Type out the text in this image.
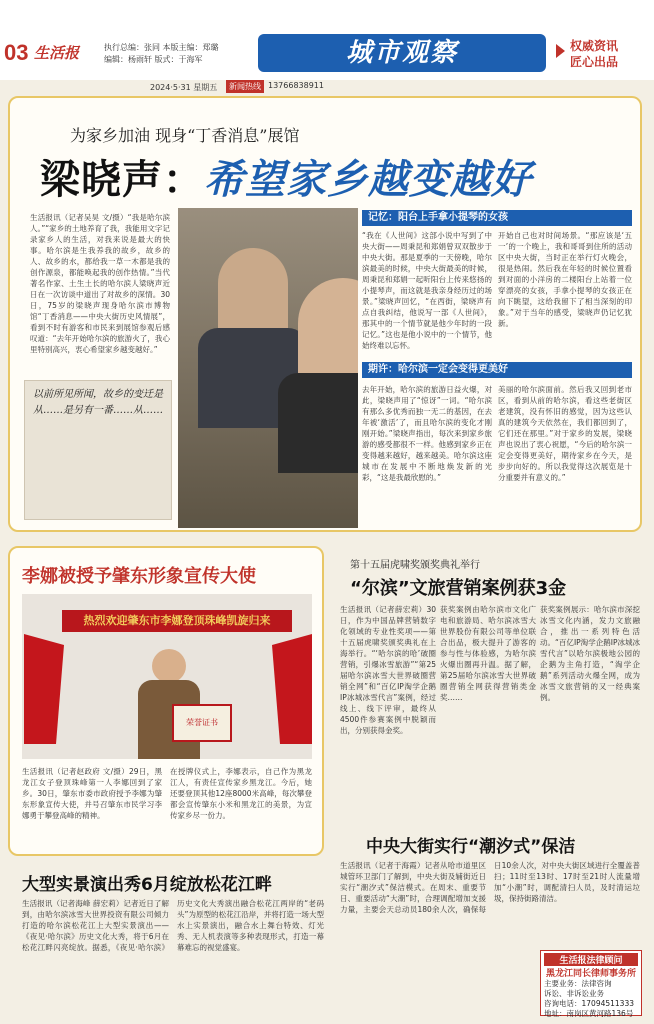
03 生活报	执行总编：张同 本版主编：郑璐
编辑：杨雨轩 版式：于海军	城市观察	权威资讯
匠心出品
2024·5·31 星期五	新闻热线 13766838911
为家乡加油 现身“丁香消息”展馆
梁晓声：希望家乡越变越好
生活报讯（记者吴昊 文/摄）“我是哈尔滨人。”“家乡的土地养育了我，我能用文字记录家乡人的生活，对我来说是最大的快事。哈尔滨是生我养我的故乡，故乡的人、故乡的水，都给我一草一木都是我的创作源泉，都能唤起我的创作热情。”当代著名作家、土生土长的哈尔滨人梁晓声近日在一次访谈中道出了对故乡的深情。30日，75岁的梁晓声现身哈尔滨市博物馆“丁香消息——中央大街历史风情展”，看到不时有游客和市民来到展馆参观后感叹道：“去年开始哈尔滨的旅游火了，我心里特别高兴，衷心希望家乡越变越好。”
以前所见所闻，故乡的变迁是从……是另有一番……从……
记忆：阳台上手拿小提琴的女孩
“我在《人世间》这部小说中写到了中央大街——周秉昆和郑娟曾双双散步于中央大街。那是夏季的一天傍晚，哈尔滨最美的时候，中央大街最美的时候，周秉昆和郑娟一起听阳台上传来悠扬的小提琴声，而这就是我亲身经历过的场景。”梁晓声回忆，“在西街，梁晓声有点自我纠结，他说写一部《人世间》，那其中的一个情节就是他少年时的一段记忆。”这也是他小说中的一个情节，他始终难以忘怀。
开始自己也对时间场景。“那应该是‘五一’的一个晚上，我和哥哥到住所的活动区中央大街，当时正在举行灯火晚会，很是热闹。然后我在年轻的时候位置看到对面的小洋房的二楼阳台上站着一位穿漂亮的女孩，手拿小提琴的女孩正在向下眺望，这给我留下了相当深刻的印象。”对于当年的感受，梁晓声仍记忆犹新。
期许：哈尔滨一定会变得更美好
去年开始，哈尔滨的旅游日益火爆，对此，梁晓声用了“惊讶”一词。“哈尔滨有那么多优秀而独一无二的基因，在去年被‘激活’了，而且哈尔滨的变化才刚刚开始。”梁晓声指出，每次来到家乡旅游的感受都很不一样。他感到家乡正在变得越来越好，越来越美。哈尔滨这座城市在发展中不断地焕发新的光彩，“这是我最欣慰的。”
美丽的哈尔滨面前。然后我又回到老市区，看到从前的哈尔滨，看这些老街区老建筑，没有怀旧的感觉，因为这些认真的建筑今天依然在，我们都回到了，它们还在那里。”对于家乡的发展，梁晓声也说出了衷心祝愿，“今后的哈尔滨一定会变得更美好，期待家乡在今天，是步步向好的。所以我觉得这次展览是十分重要并有意义的。”
李娜被授予肇东形象宣传大使
热烈欢迎肇东市李娜登顶珠峰凯旋归来
荣誉证书
生活报讯（记者赵政府 文/摄）29日，黑龙江女子登顶珠峰第一人李娜回到了家乡。30日，肇东市委市政府授予李娜为肇东形象宣传大使，并号召肇东市民学习李娜勇于攀登高峰的精神。
在授牌仪式上，李娜表示，自己作为黑龙江人，有责任宣传家乡黑龙江。今后，她还要登顶其他12座8000米高峰，每次攀登都会宣传肇东小米和黑龙江的美景，为宣传家乡尽一份力。
大型实景演出秀6月绽放松花江畔
生活报讯（记者海峰 薛宏莉）记者近日了解到，由哈尔滨冰雪大世界投资有限公司倾力打造的哈尔滨松花江上大型实景演出——《夜见·哈尔滨》历史文化大秀，将于6月在松花江畔闪亮绽放。据悉，《夜见·哈尔滨》历史文化大秀演出融合松花江两岸的“老码头”为原型的松花江沿岸，并将打造一场大型水上实景演出，融合水上舞台特效、灯光秀、无人机表演等多种表现形式，打造一幕幕难忘的视觉盛宴。
第十五届虎啸奖颁奖典礼举行
“尔滨”文旅营销案例获3金
生活报讯（记者薛宏莉）30日，作为中国品牌营销数字化领域的专业性奖项——第十五届虎啸奖颁奖典礼在上海举行。“‘哈尔滨的哈’破圈营销，引爆冰雪旅游”“第25届哈尔滨冰雪大世界破圈营销全网”和“百亿IP淘学企鹅IP冰城冰雪代言”案例，经过线上、线下评审，最终从4500件参赛案例中脱颖而出，分别获得金奖。
获奖案例由哈尔滨市文化广电和旅游局、哈尔滨冰雪大世界股份有限公司等单位联合出品，极大提升了游客的参与性与体验感，为哈尔滨火爆出圈再升温。据了解，第25届哈尔滨冰雪大世界破圈营销全网获得营销类金奖……
获奖案例展示：哈尔滨市深挖冰雪文化内涵，发力文旅融合，推出一系列特色活动。“百亿IP淘学企鹅IP冰城冰雪代言”以哈尔滨极地公园的企鹅为主角打造，“淘学企鹅”系列活动火爆全网，成为冰雪文旅营销的又一经典案例。
中央大街实行“潮汐式”保洁
生活报讯（记者于海霞）记者从哈市道里区城管环卫部门了解到，中央大街及辅街近日实行“潮汐式”保洁模式。在周末、重要节日、重要活动“大潮”时，合理调配增加支援力量，主要会天总动员180余人次，确保每日10余人次，对中央大街区域进行全覆盖普扫；11时至13时、17时至21时人流量增加“小潮”时，调配清扫人员，及时清运垃圾，保持街路清洁。
生活报法律顾问
黑龙江同长律师事务所
主要业务：法律咨询
诉讼、非诉讼业务
咨询电话：17094511333
地址：南岗区黄河路136号
